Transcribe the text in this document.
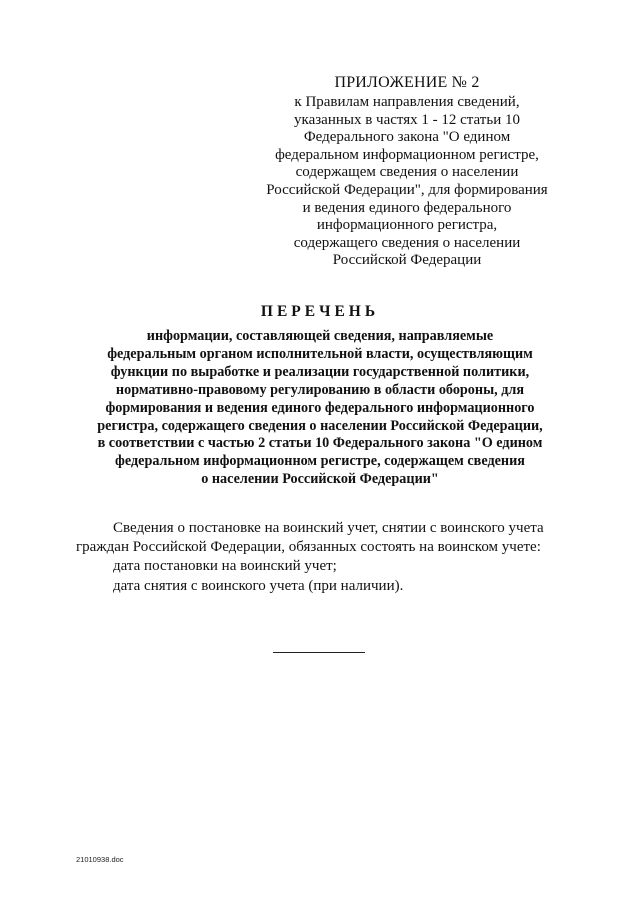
ПРИЛОЖЕНИЕ № 2
к Правилам направления сведений,
указанных в частях 1 - 12 статьи 10
Федерального закона "О едином
федеральном информационном регистре,
содержащем сведения о населении
Российской Федерации", для формирования
и ведения единого федерального
информационного регистра,
содержащего сведения о населении
Российской Федерации
ПЕРЕЧЕНЬ
информации, составляющей сведения, направляемые
федеральным органом исполнительной власти, осуществляющим
функции по выработке и реализации государственной политики,
нормативно-правовому регулированию в области обороны, для
формирования и ведения единого федерального информационного
регистра, содержащего сведения о населении Российской Федерации,
в соответствии с частью 2 статьи 10 Федерального закона "О едином
федеральном информационном регистре, содержащем сведения
о населении Российской Федерации"
Сведения о постановке на воинский учет, снятии с воинского учета
граждан Российской Федерации, обязанных состоять на воинском учете:
дата постановки на воинский учет;
дата снятия с воинского учета (при наличии).
21010938.doc
